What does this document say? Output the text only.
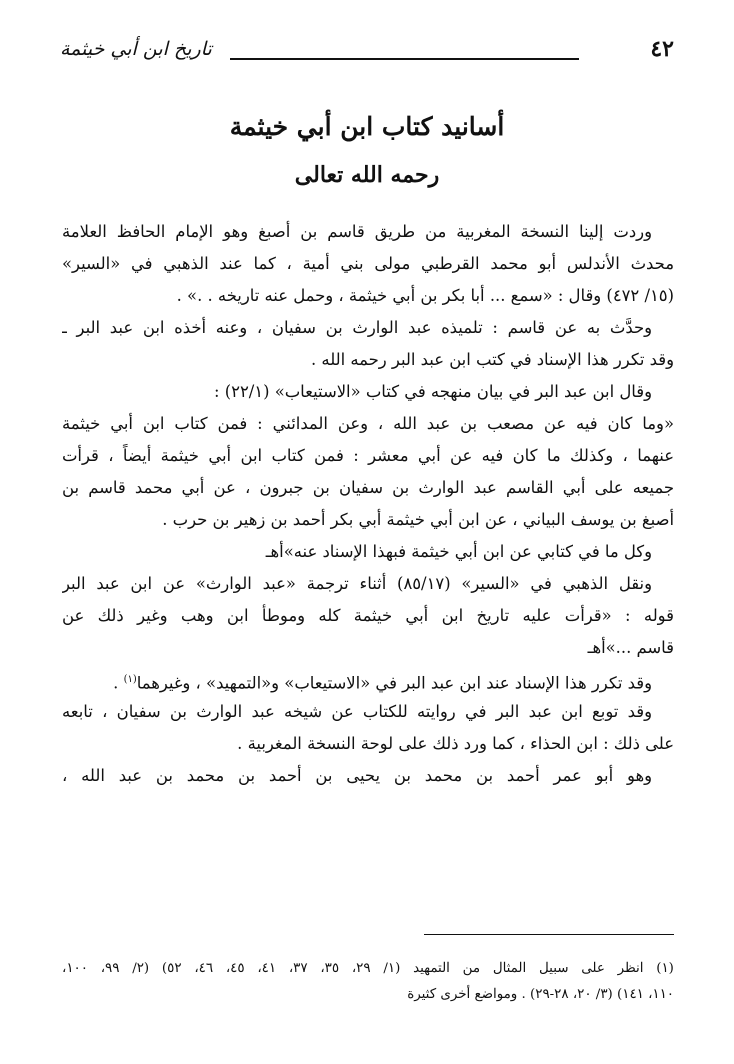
٤٢
تاريخ ابن أبي خيثمة
أسانيد كتاب ابن أبي خيثمة
رحمه الله تعالى
وردت إلينا النسخة المغربية من طريق قاسم بن أصبغ وهو الإمام الحافظ العلامة
محدث الأندلس أبو محمد القرطبي مولى بني أمية ، كما عند الذهبي في «السير»
(١٥/ ٤٧٢) وقال : «سمع ... أبا بكر بن أبي خيثمة ، وحمل عنه تاريخه . .» .
وحدَّث به عن قاسم : تلميذه عبد الوارث بن سفيان ، وعنه أخذه ابن عبد البر ـ
وقد تكرر هذا الإسناد في كتب ابن عبد البر رحمه الله .
وقال ابن عبد البر في بيان منهجه في كتاب «الاستيعاب» (٢٢/١) :
«وما كان فيه عن مصعب بن عبد الله ، وعن المدائني : فمن كتاب ابن أبي خيثمة
عنهما ، وكذلك ما كان فيه عن أبي معشر : فمن كتاب ابن أبي خيثمة أيضاً ، قرأت
جميعه على أبي القاسم عبد الوارث بن سفيان بن جبرون ، عن أبي محمد قاسم بن
أصبغ بن يوسف البياني ، عن ابن أبي خيثمة أبي بكر أحمد بن زهير بن حرب .
وكل ما في كتابي عن ابن أبي خيثمة فبهذا الإسناد عنه»أهـ
ونقل الذهبي في «السير» (٨٥/١٧) أثناء ترجمة «عبد الوارث» عن ابن عبد البر
قوله : «قرأت عليه تاريخ ابن أبي خيثمة كله وموطأ ابن وهب وغير ذلك عن
قاسم ...»أهـ
وقد تكرر هذا الإسناد عند ابن عبد البر في «الاستيعاب» و«التمهيد» ، وغيرهما$^{(١)}$ .
وقد توبع ابن عبد البر في روايته للكتاب عن شيخه عبد الوارث بن سفيان ، تابعه
على ذلك : ابن الحذاء ، كما ورد ذلك على لوحة النسخة المغربية .
وهو أبو عمر أحمد بن محمد بن يحيى بن أحمد بن محمد بن عبد الله ،
(١) انظر على سبيل المثال من التمهيد (١/ ٢٩، ٣٥، ٣٧، ٤١، ٤٥، ٤٦، ٥٢) (٢/ ٩٩، ١٠٠،
١١٠، ١٤١) (٣/ ٢٠، ٢٨-٢٩) . ومواضع أخرى كثيرة
